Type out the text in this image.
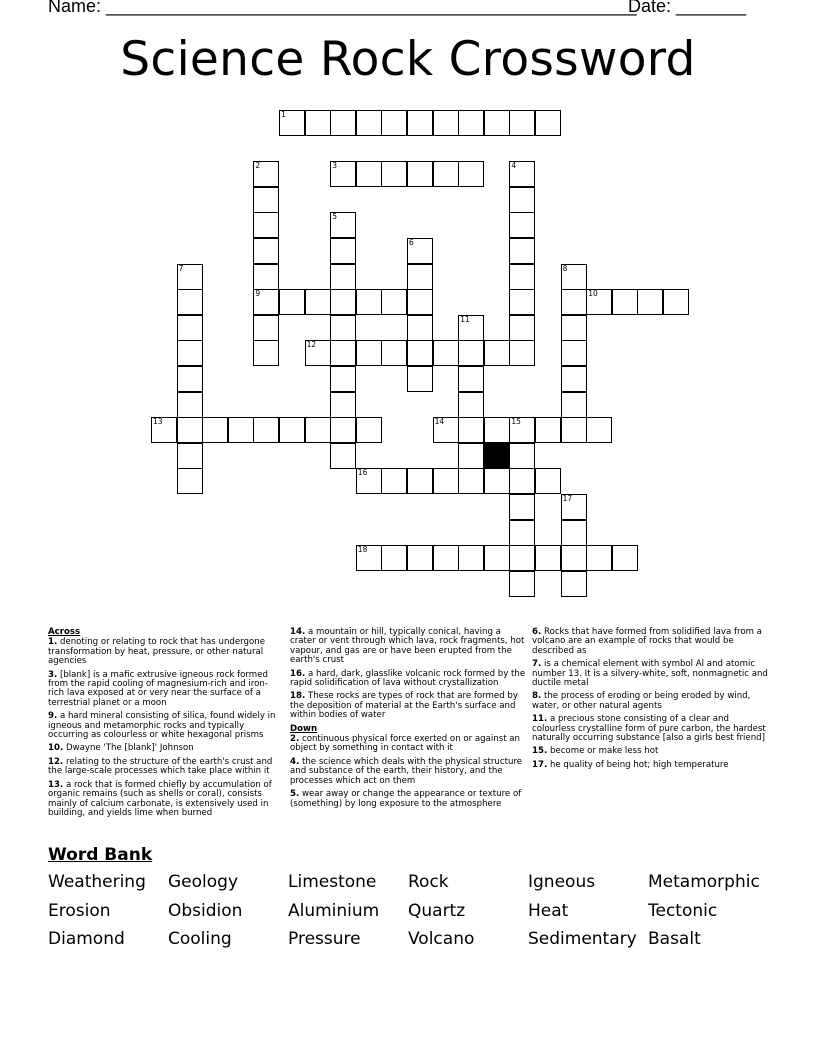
Name: _____________________________________________________
Date: _______
Science Rock Crossword
1
3
9	10
12
13	14	15
16
18
2	4
5
6
7	8
11
17
Across
1. denoting or relating to rock that has undergone transformation by heat, pressure, or other natural agencies
3. [blank] is a mafic extrusive igneous rock formed from the rapid cooling of magnesium-rich and iron-rich lava exposed at or very near the surface of a terrestrial planet or a moon
9. a hard mineral consisting of silica, found widely in igneous and metamorphic rocks and typically occurring as colourless or white hexagonal prisms
10. Dwayne 'The [blank]' Johnson
12. relating to the structure of the earth's crust and the large-scale processes which take place within it
13. a rock that is formed chiefly by accumulation of organic remains (such as shells or coral), consists mainly of calcium carbonate, is extensively used in building, and yields lime when burned
14. a mountain or hill, typically conical, having a crater or vent through which lava, rock fragments, hot vapour, and gas are or have been erupted from the earth's crust
16. a hard, dark, glasslike volcanic rock formed by the rapid solidification of lava without crystallization
18. These rocks are types of rock that are formed by the deposition of material at the Earth's surface and within bodies of water
Down
2. continuous physical force exerted on or against an object by something in contact with it
4. the science which deals with the physical structure and substance of the earth, their history, and the processes which act on them
5. wear away or change the appearance or texture of (something) by long exposure to the atmosphere
6. Rocks that have formed from solidified lava from a volcano are an example of rocks that would be described as
7. is a chemical element with symbol Al and atomic number 13. It is a silvery-white, soft, nonmagnetic and ductile metal
8. the process of eroding or being eroded by wind, water, or other natural agents
11. a precious stone consisting of a clear and colourless crystalline form of pure carbon, the hardest naturally occurring substance [also a girls best friend]
15. become or make less hot
17. he quality of being hot; high temperature
Word Bank
Weathering	Geology	Limestone	Rock	Igneous	Metamorphic
Erosion	Obsidion	Aluminium	Quartz	Heat	Tectonic
Diamond	Cooling	Pressure	Volcano	Sedimentary Basalt
